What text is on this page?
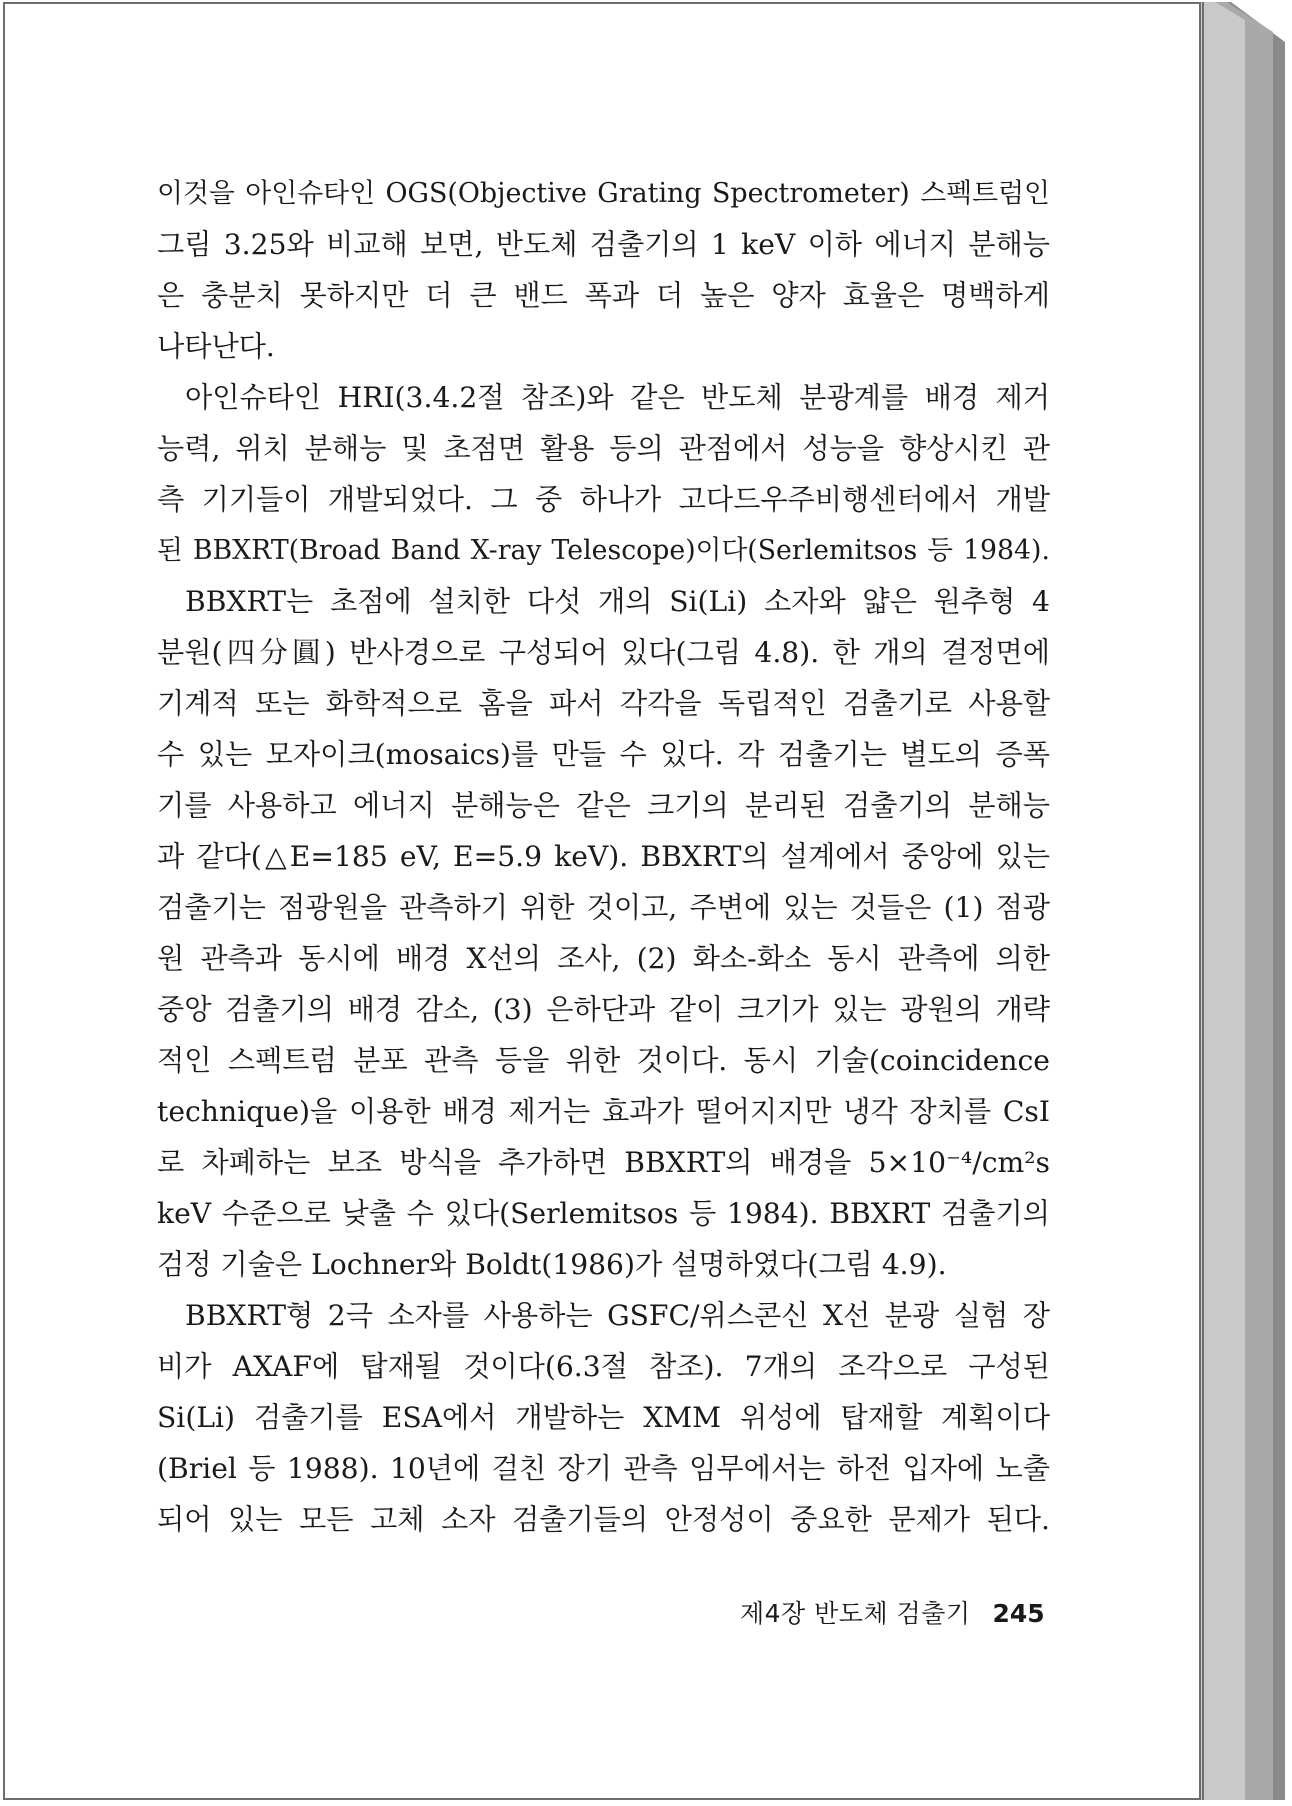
이것을 아인슈타인 OGS(Objective Grating Spectrometer) 스펙트럼인
그림 3.25와 비교해 보면, 반도체 검출기의 1 keV 이하 에너지 분해능
은 충분치 못하지만 더 큰 밴드 폭과 더 높은 양자 효율은 명백하게
나타난다.
아인슈타인 HRI(3.4.2절 참조)와 같은 반도체 분광계를 배경 제거
능력, 위치 분해능 및 초점면 활용 등의 관점에서 성능을 향상시킨 관
측 기기들이 개발되었다. 그 중 하나가 고다드우주비행센터에서 개발
된 BBXRT(Broad Band X-ray Telescope)이다(Serlemitsos 등 1984).
BBXRT는 초점에 설치한 다섯 개의 Si(Li) 소자와 얇은 원추형 4
분원(四分圓) 반사경으로 구성되어 있다(그림 4.8). 한 개의 결정면에
기계적 또는 화학적으로 홈을 파서 각각을 독립적인 검출기로 사용할
수 있는 모자이크(mosaics)를 만들 수 있다. 각 검출기는 별도의 증폭
기를 사용하고 에너지 분해능은 같은 크기의 분리된 검출기의 분해능
과 같다(△E=185 eV, E=5.9 keV). BBXRT의 설계에서 중앙에 있는
검출기는 점광원을 관측하기 위한 것이고, 주변에 있는 것들은 (1) 점광
원 관측과 동시에 배경 X선의 조사, (2) 화소-화소 동시 관측에 의한
중앙 검출기의 배경 감소, (3) 은하단과 같이 크기가 있는 광원의 개략
적인 스펙트럼 분포 관측 등을 위한 것이다. 동시 기술(coincidence
technique)을 이용한 배경 제거는 효과가 떨어지지만 냉각 장치를 CsI
로 차폐하는 보조 방식을 추가하면 BBXRT의 배경을 5×10⁻⁴/cm²s
keV 수준으로 낮출 수 있다(Serlemitsos 등 1984). BBXRT 검출기의
검정 기술은 Lochner와 Boldt(1986)가 설명하였다(그림 4.9).
BBXRT형 2극 소자를 사용하는 GSFC/위스콘신 X선 분광 실험 장
비가 AXAF에 탑재될 것이다(6.3절 참조). 7개의 조각으로 구성된
Si(Li) 검출기를 ESA에서 개발하는 XMM 위성에 탑재할 계획이다
(Briel 등 1988). 10년에 걸친 장기 관측 임무에서는 하전 입자에 노출
되어 있는 모든 고체 소자 검출기들의 안정성이 중요한 문제가 된다.
제4장 반도체 검출기 245
